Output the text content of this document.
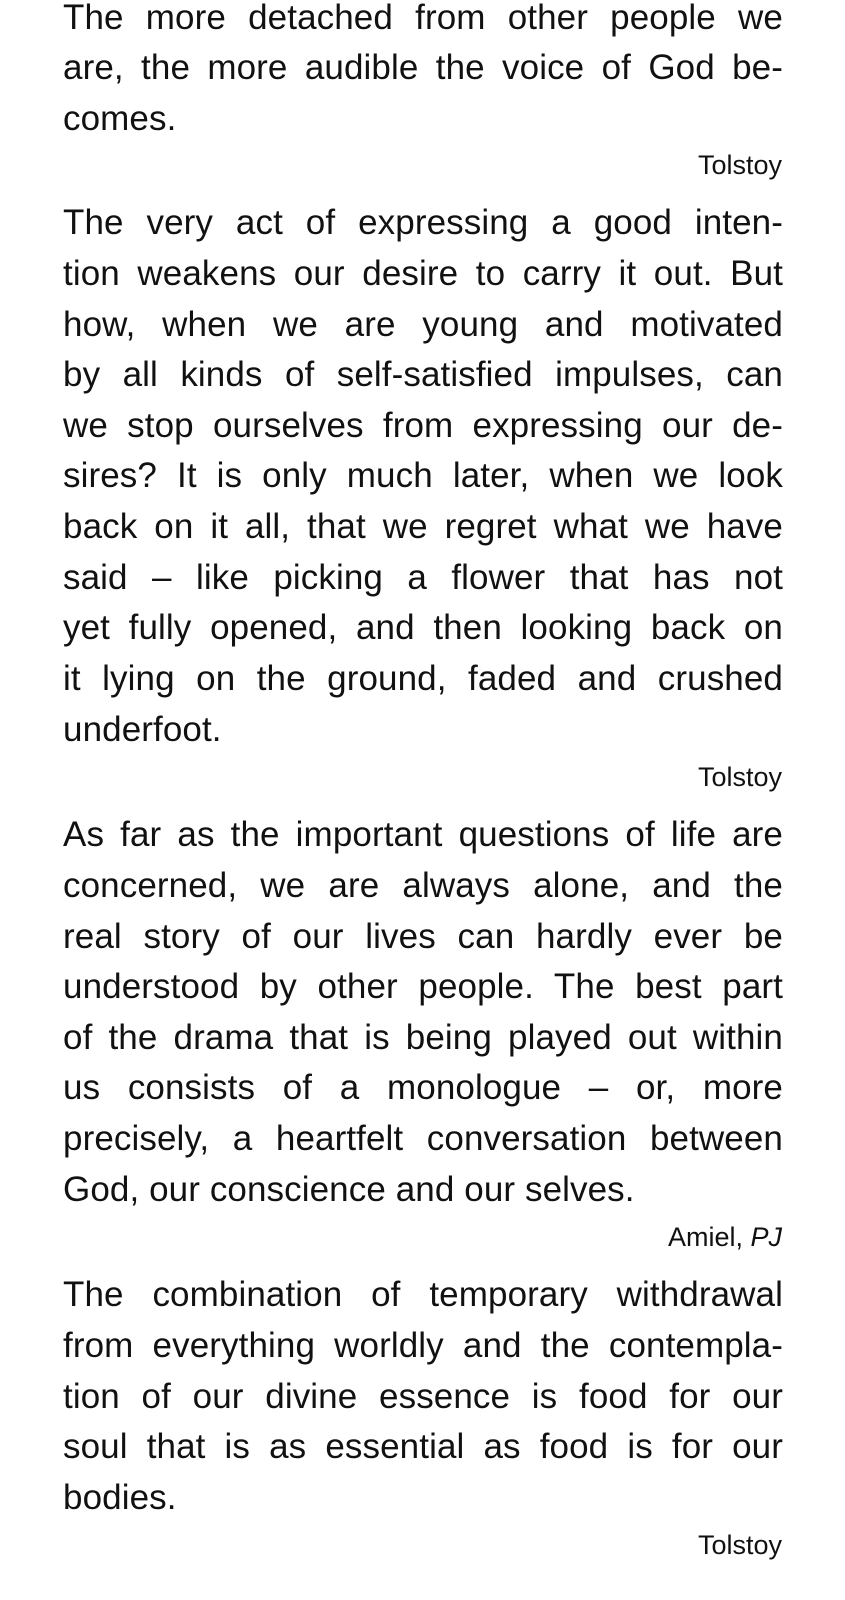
The more detached from other people we
are, the more audible the voice of God be-
comes.
Tolstoy
The very act of expressing a good inten-
tion weakens our desire to carry it out. But
how, when we are young and motivated
by all kinds of self-satisfied impulses, can
we stop ourselves from expressing our de-
sires? It is only much later, when we look
back on it all, that we regret what we have
said – like picking a flower that has not
yet fully opened, and then looking back on
it lying on the ground, faded and crushed
underfoot.
Tolstoy
As far as the important questions of life are
concerned, we are always alone, and the
real story of our lives can hardly ever be
understood by other people. The best part
of the drama that is being played out within
us consists of a monologue – or, more
precisely, a heartfelt conversation between
God, our conscience and our selves.
Amiel, PJ
The combination of temporary withdrawal
from everything worldly and the contempla-
tion of our divine essence is food for our
soul that is as essential as food is for our
bodies.
Tolstoy
